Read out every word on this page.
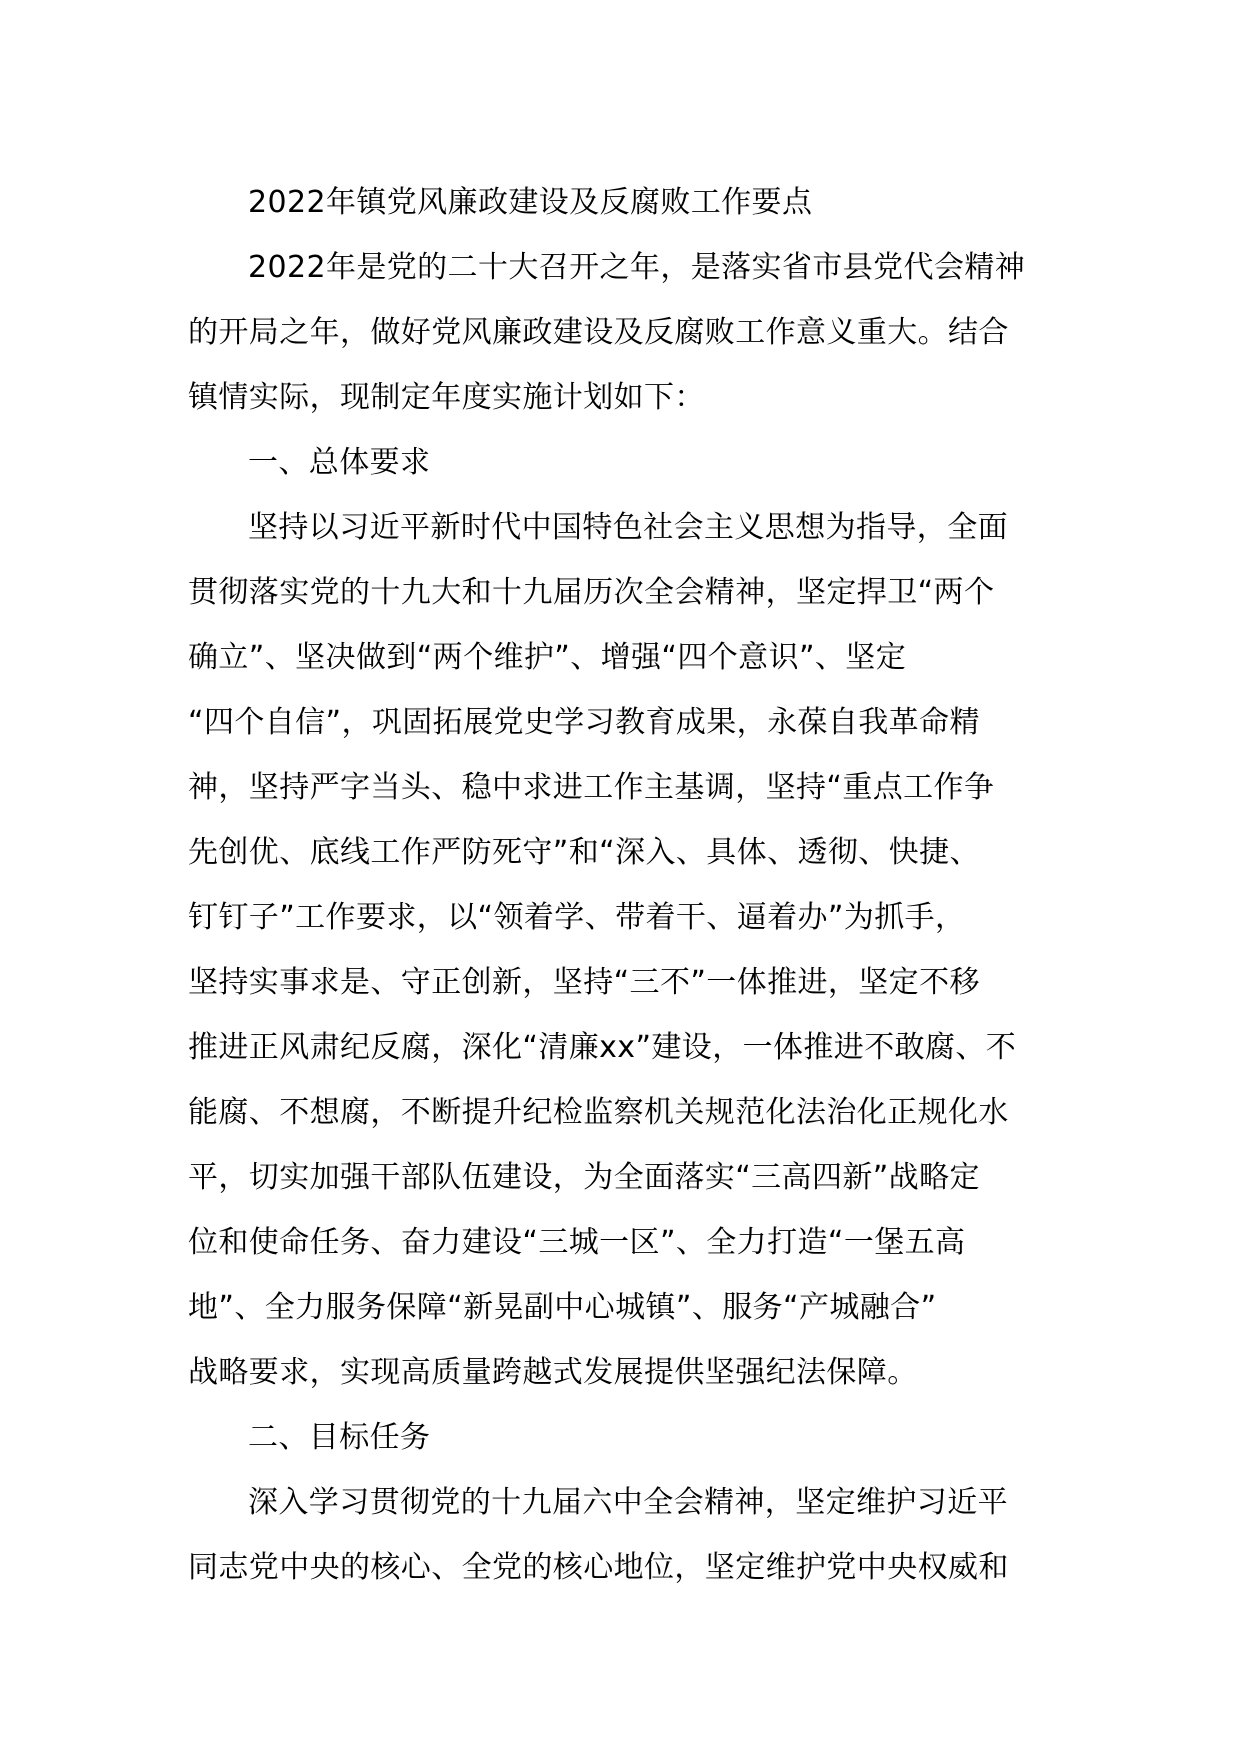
2022年镇党风廉政建设及反腐败工作要点
2022年是党的二十大召开之年，是落实省市县党代会精神
的开局之年，做好党风廉政建设及反腐败工作意义重大。结合
镇情实际，现制定年度实施计划如下：
一、总体要求
坚持以习近平新时代中国特色社会主义思想为指导，全面
贯彻落实党的十九大和十九届历次全会精神，坚定捍卫“两个
确立”、坚决做到“两个维护”、增强“四个意识”、坚定
“四个自信”，巩固拓展党史学习教育成果，永葆自我革命精
神，坚持严字当头、稳中求进工作主基调，坚持“重点工作争
先创优、底线工作严防死守”和“深入、具体、透彻、快捷、
钉钉子”工作要求，以“领着学、带着干、逼着办”为抓手，
坚持实事求是、守正创新，坚持“三不”一体推进，坚定不移
推进正风肃纪反腐，深化“清廉xx”建设，一体推进不敢腐、不
能腐、不想腐，不断提升纪检监察机关规范化法治化正规化水
平，切实加强干部队伍建设，为全面落实“三高四新”战略定
位和使命任务、奋力建设“三城一区”、全力打造“一堡五高
地”、全力服务保障“新晃副中心城镇”、服务“产城融合”
战略要求，实现高质量跨越式发展提供坚强纪法保障。
二、目标任务
深入学习贯彻党的十九届六中全会精神，坚定维护习近平
同志党中央的核心、全党的核心地位，坚定维护党中央权威和
